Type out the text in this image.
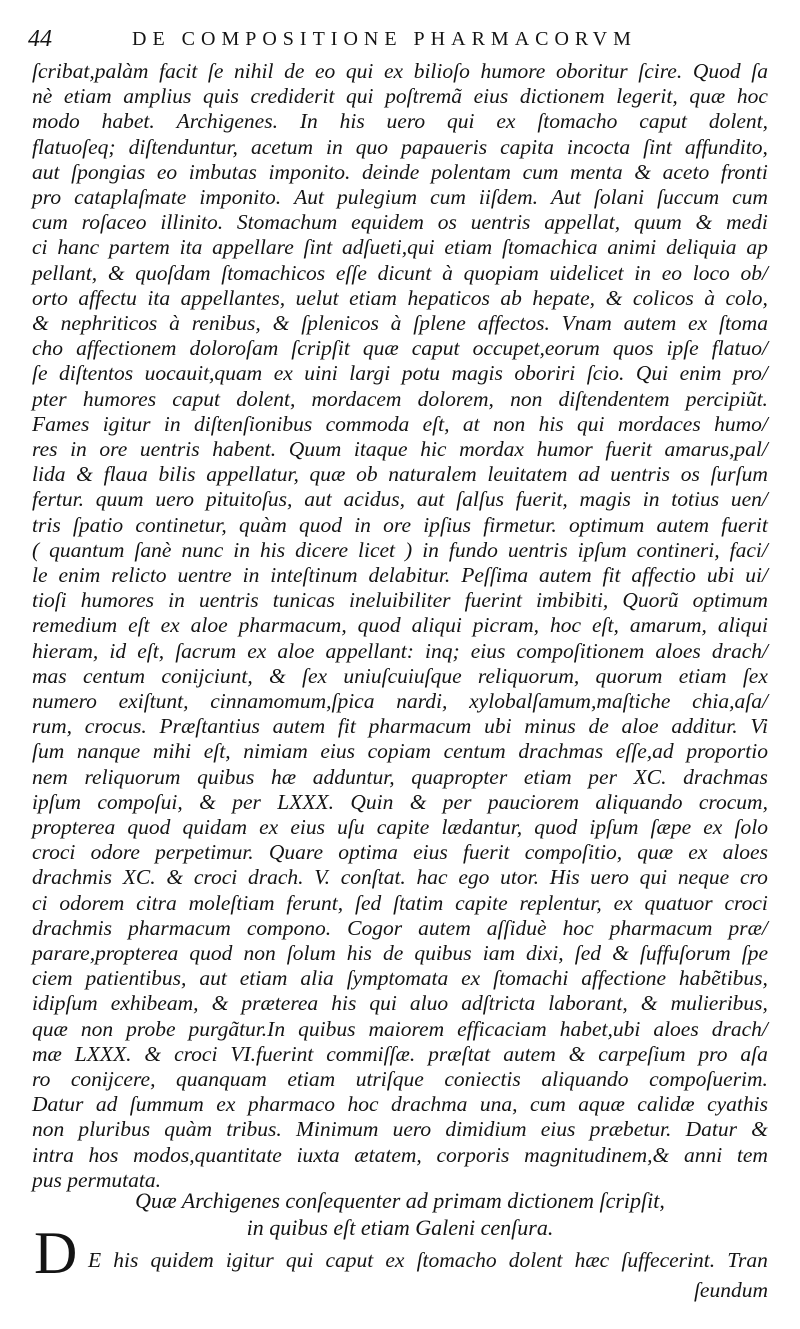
44	DE COMPOSITIONE PHARMACORVM
ſcribat,palàm facit ſe nihil de eo qui ex bilioſo humore oboritur ſcire. Quod ſa
nè etiam amplius quis crediderit qui poſtremã eius dictionem legerit, quæ hoc
modo habet. Archigenes. In his uero qui ex ſtomacho caput dolent,
flatuoſeq; diſtenduntur, acetum in quo papaueris capita incocta ſint affundito,
aut ſpongias eo imbutas imponito. deinde polentam cum menta & aceto fronti
pro cataplaſmate imponito. Aut pulegium cum iiſdem. Aut ſolani ſuccum cum
cum roſaceo illinito. Stomachum equidem os uentris appellat, quum & medi
ci hanc partem ita appellare ſint adſueti,qui etiam ſtomachica animi deliquia ap
pellant, & quoſdam ſtomachicos eſſe dicunt à quopiam uidelicet in eo loco ob/
orto affectu ita appellantes, uelut etiam hepaticos ab hepate, & colicos à colo,
& nephriticos à renibus, & ſplenicos à ſplene affectos. Vnam autem ex ſtoma
cho affectionem doloroſam ſcripſit quæ caput occupet,eorum quos ipſe flatuo/
ſe diſtentos uocauit,quam ex uini largi potu magis oboriri ſcio. Qui enim pro/
pter humores caput dolent, mordacem dolorem, non diſtendentem percipiũt.
Fames igitur in diſtenſionibus commoda eſt, at non his qui mordaces humo/
res in ore uentris habent. Quum itaque hic mordax humor fuerit amarus,pal/
lida & flaua bilis appellatur, quæ ob naturalem leuitatem ad uentris os ſurſum
fertur. quum uero pituitoſus, aut acidus, aut ſalſus fuerit, magis in totius uen/
tris ſpatio continetur, quàm quod in ore ipſius firmetur. optimum autem fuerit
( quantum ſanè nunc in his dicere licet ) in fundo uentris ipſum contineri, faci/
le enim relicto uentre in inteſtinum delabitur. Peſſima autem fit affectio ubi ui/
tioſi humores in uentris tunicas ineluibiliter fuerint imbibiti, Quorũ optimum
remedium eſt ex aloe pharmacum, quod aliqui picram, hoc eſt, amarum, aliqui
hieram, id eſt, ſacrum ex aloe appellant: inq; eius compoſitionem aloes drach/
mas centum conijciunt, & ſex uniuſcuiuſque reliquorum, quorum etiam ſex
numero exiſtunt, cinnamomum,ſpica nardi, xylobalſamum,maſtiche chia,aſa/
rum, crocus. Præſtantius autem fit pharmacum ubi minus de aloe additur. Vi
ſum nanque mihi eſt, nimiam eius copiam centum drachmas eſſe,ad proportio
nem reliquorum quibus hæ adduntur, quapropter etiam per XC. drachmas
ipſum compoſui, & per LXXX. Quin & per pauciorem aliquando crocum,
propterea quod quidam ex eius uſu capite lædantur, quod ipſum ſæpe ex ſolo
croci odore perpetimur. Quare optima eius fuerit compoſitio, quæ ex aloes
drachmis XC. & croci drach. V. conſtat. hac ego utor. His uero qui neque cro
ci odorem citra moleſtiam ferunt, ſed ſtatim capite replentur, ex quatuor croci
drachmis pharmacum compono. Cogor autem aſſiduè hoc pharmacum præ/
parare,propterea quod non ſolum his de quibus iam dixi, ſed & ſuffuſorum ſpe
ciem patientibus, aut etiam alia ſymptomata ex ſtomachi affectione habẽtibus,
idipſum exhibeam, & præterea his qui aluo adſtricta laborant, & mulieribus,
quæ non probe purgãtur.In quibus maiorem efficaciam habet,ubi aloes drach/
mæ LXXX. & croci VI.fuerint commiſſæ. præſtat autem & carpeſium pro aſa
ro conijcere, quanquam etiam utriſque coniectis aliquando compoſuerim.
Datur ad ſummum ex pharmaco hoc drachma una, cum aquæ calidæ cyathis
non pluribus quàm tribus. Minimum uero dimidium eius præbetur. Datur &
intra hos modos,quantitate iuxta ætatem, corporis magnitudinem,& anni tem
pus permutata.
Quæ Archigenes conſequenter ad primam dictionem ſcripſit,
in quibus eſt etiam Galeni cenſura.
D E his quidem igitur qui caput ex ſtomacho dolent hæc ſuffecerint. Tran
ſeundum
